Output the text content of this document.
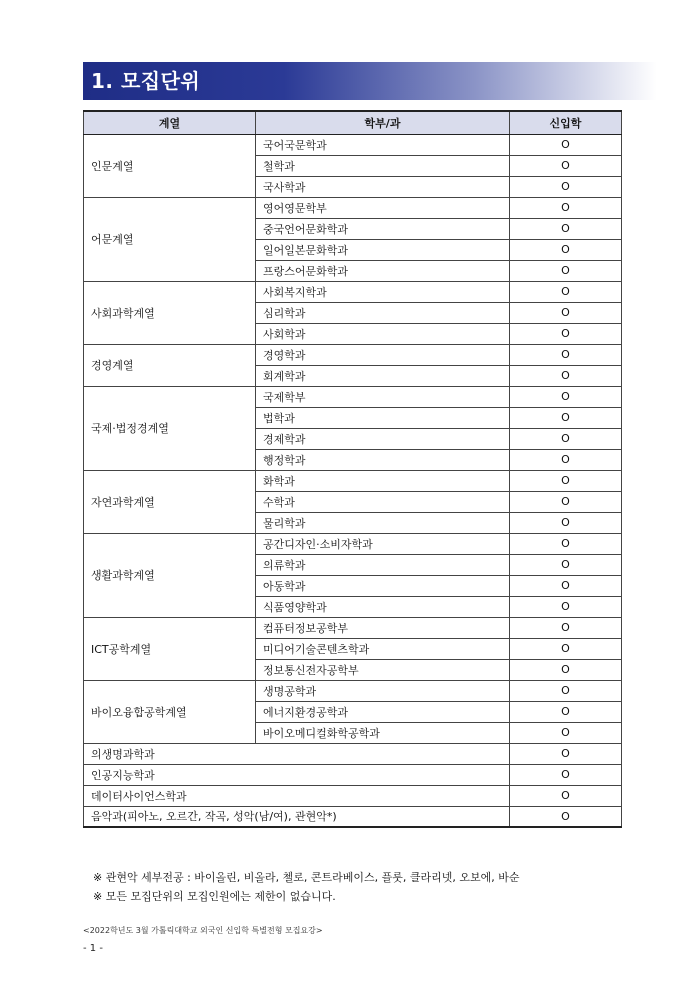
1. 모집단위
계열	학부/과	신입학
인문계열	국어국문학과	O
	철학과	O
	국사학과	O
어문계열	영어영문학부	O
	중국언어문화학과	O
	일어일본문화학과	O
	프랑스어문화학과	O
사회과학계열	사회복지학과	O
	심리학과	O
	사회학과	O
경영계열	경영학과	O
	회계학과	O
국제·법정경계열	국제학부	O
	법학과	O
	경제학과	O
	행정학과	O
자연과학계열	화학과	O
	수학과	O
	물리학과	O
생활과학계열	공간디자인·소비자학과	O
	의류학과	O
	아동학과	O
	식품영양학과	O
ICT공학계열	컴퓨터정보공학부	O
	미디어기술콘텐츠학과	O
	정보통신전자공학부	O
바이오융합공학계열	생명공학과	O
	에너지환경공학과	O
	바이오메디컬화학공학과	O
의생명과학과		O
인공지능학과		O
데이터사이언스학과		O
음악과(피아노, 오르간, 작곡, 성악(남/여), 관현악*)		O
※ 관현악 세부전공 : 바이올린, 비올라, 첼로, 콘트라베이스, 플룻, 클라리넷, 오보에, 바순
※ 모든 모집단위의 모집인원에는 제한이 없습니다.
<2022학년도 3월 가톨릭대학교 외국인 신입학 특별전형 모집요강>
- 1 -
